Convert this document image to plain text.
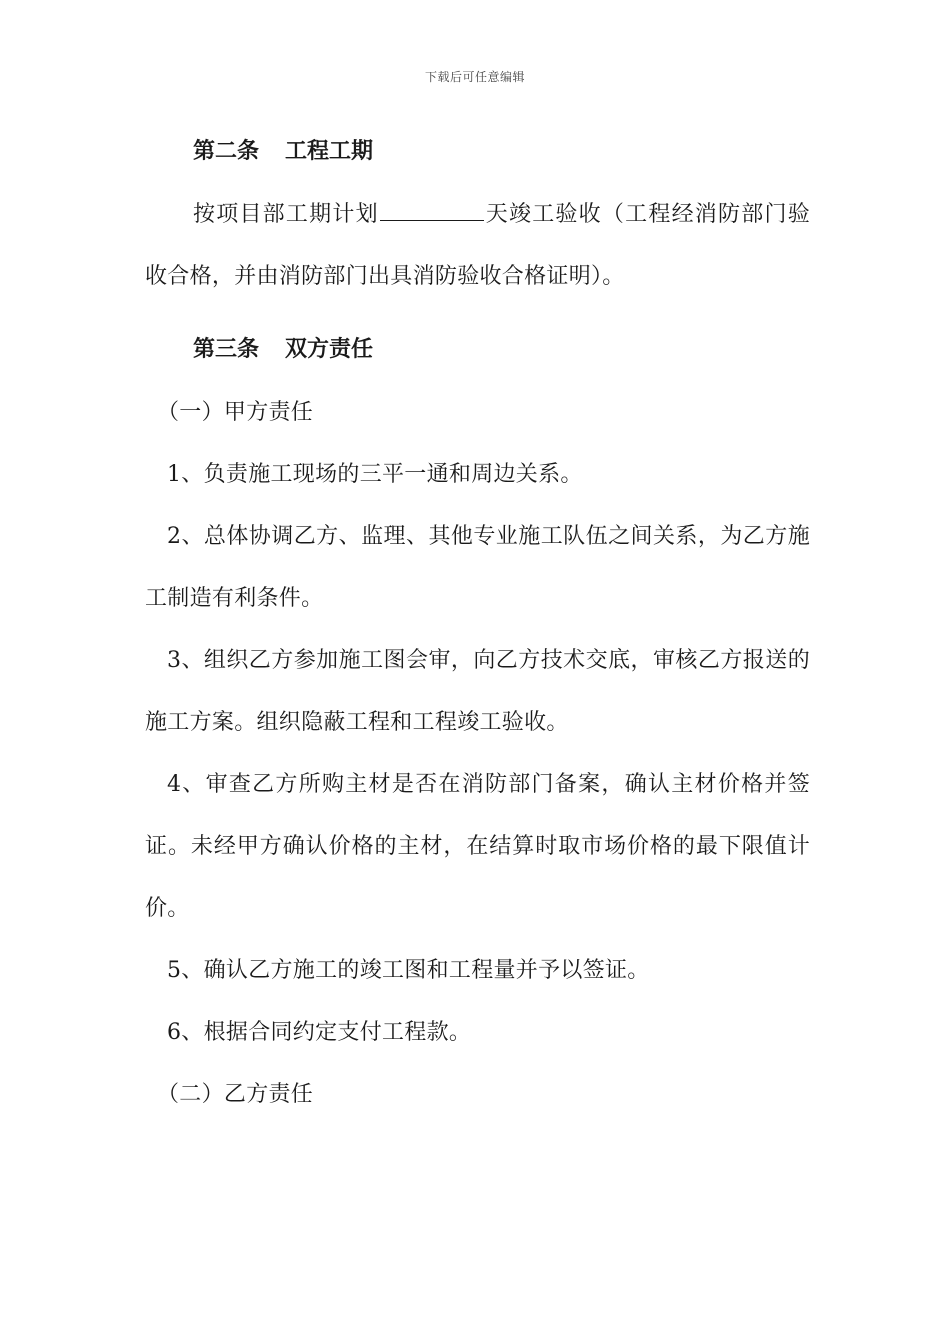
下载后可任意编辑

第二条 工程工期

按项目部工期计划	天竣工验收（工程经消防部门验收合格，并由消防部门出具消防验收合格证明）。

第三条 双方责任

（一）甲方责任

1、负责施工现场的三平一通和周边关系。

2、总体协调乙方、监理、其他专业施工队伍之间关系，为乙方施工制造有利条件。

3、组织乙方参加施工图会审，向乙方技术交底，审核乙方报送的施工方案。组织隐蔽工程和工程竣工验收。

4、审查乙方所购主材是否在消防部门备案，确认主材价格并签证。未经甲方确认价格的主材，在结算时取市场价格的最下限值计价。

5、确认乙方施工的竣工图和工程量并予以签证。

6、根据合同约定支付工程款。

（二）乙方责任
